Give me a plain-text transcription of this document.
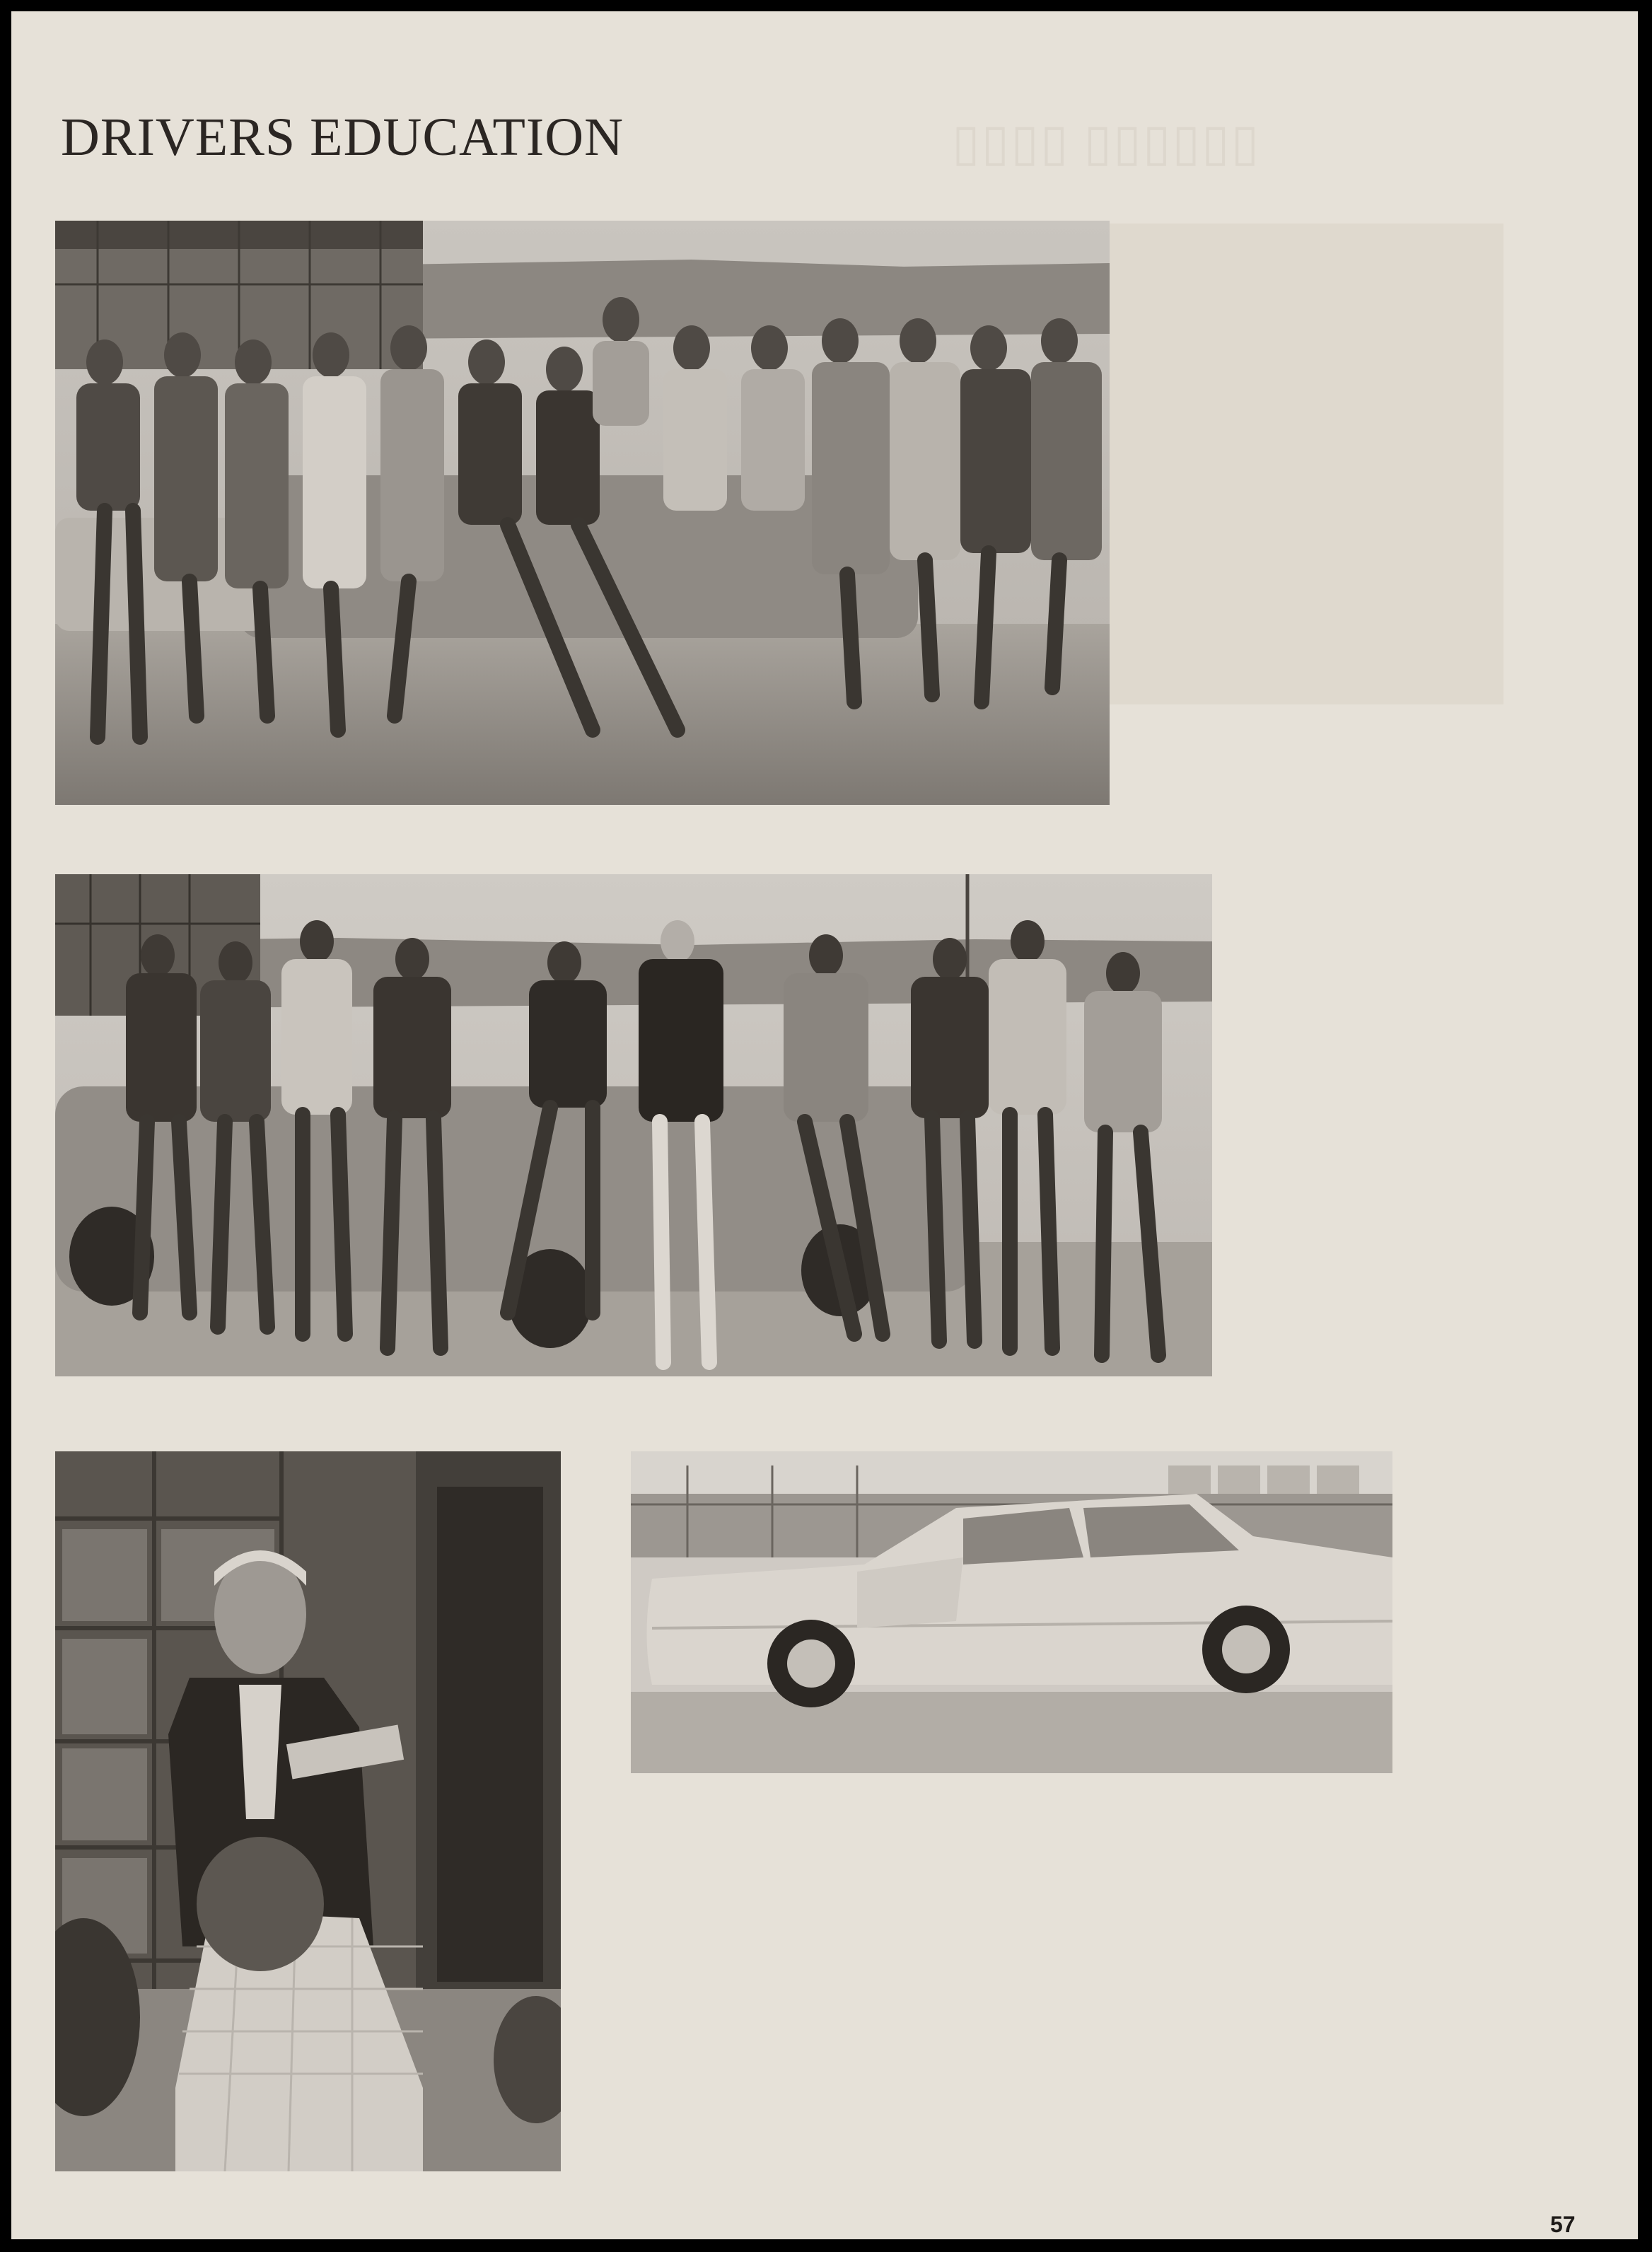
▯▯▯▯ ▯▯▯▯▯▯
DRIVERS EDUCATION
57
